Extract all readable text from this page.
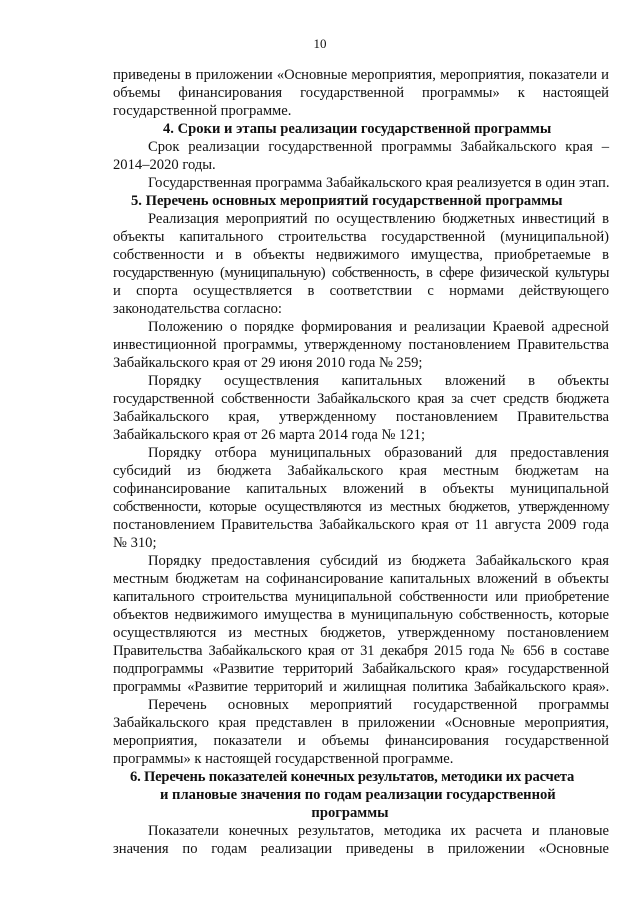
10
приведены в приложении «Основные мероприятия, мероприятия, показатели и
объемы финансирования государственной программы» к настоящей
государственной программе.
4. Сроки и этапы реализации государственной программы
Срок реализации государственной программы Забайкальского края –
2014–2020 годы.
Государственная программа Забайкальского края реализуется в один этап.
5. Перечень основных мероприятий государственной программы
Реализация мероприятий по осуществлению бюджетных инвестиций в
объекты капитального строительства государственной (муниципальной)
собственности и в объекты недвижимого имущества, приобретаемые в
государственную (муниципальную) собственность, в сфере физической культуры
и спорта осуществляется в соответствии с нормами действующего
законодательства согласно:
Положению о порядке формирования и реализации Краевой адресной
инвестиционной программы, утвержденному постановлением Правительства
Забайкальского края от 29 июня 2010 года № 259;
Порядку осуществления капитальных вложений в объекты
государственной собственности Забайкальского края за счет средств бюджета
Забайкальского края, утвержденному постановлением Правительства
Забайкальского края от 26 марта 2014 года № 121;
Порядку отбора муниципальных образований для предоставления
субсидий из бюджета Забайкальского края местным бюджетам на
софинансирование капитальных вложений в объекты муниципальной
собственности, которые осуществляются из местных бюджетов, утвержденному
постановлением Правительства Забайкальского края от 11 августа 2009 года
№ 310;
Порядку предоставления субсидий из бюджета Забайкальского края
местным бюджетам на софинансирование капитальных вложений в объекты
капитального строительства муниципальной собственности или приобретение
объектов недвижимого имущества в муниципальную собственность, которые
осуществляются из местных бюджетов, утвержденному постановлением
Правительства Забайкальского края от 31 декабря 2015 года № 656 в составе
подпрограммы «Развитие территорий Забайкальского края» государственной
программы «Развитие территорий и жилищная политика Забайкальского края».
Перечень основных мероприятий государственной программы
Забайкальского края представлен в приложении «Основные мероприятия,
мероприятия, показатели и объемы финансирования государственной
программы» к настоящей государственной программе.
6. Перечень показателей конечных результатов, методики их расчета
и плановые значения по годам реализации государственной
программы
Показатели конечных результатов, методика их расчета и плановые
значения по годам реализации приведены в приложении «Основные
